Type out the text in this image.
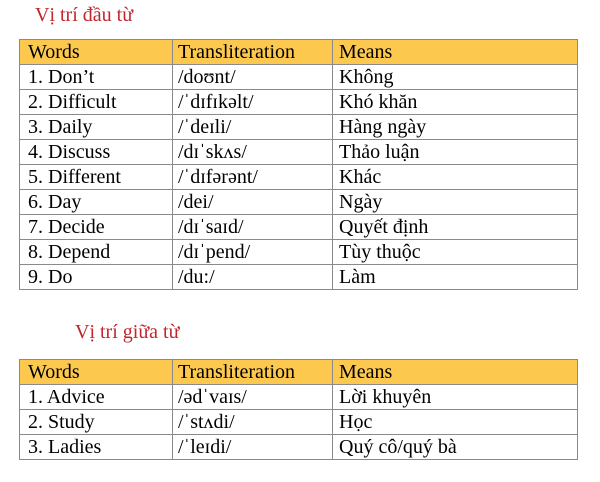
Vị trí đầu từ
Words	Transliteration	Means
1. Don’t	/doʊnt/	Không
2. Difficult	/ˈdɪfɪkəlt/	Khó khăn
3. Daily	/ˈdeɪli/	Hàng ngày
4. Discuss	/dɪˈskʌs/	Thảo luận
5. Different	/ˈdɪfərənt/	Khác
6. Day	/dei/	Ngày
7. Decide	/dɪˈsaɪd/	Quyết định
8. Depend	/dɪˈpend/	Tùy thuộc
9. Do	/du:/	Làm
Vị trí giữa từ
Words	Transliteration	Means
1. Advice	/ədˈvaɪs/	Lời khuyên
2. Study	/ˈstʌdi/	Học
3. Ladies	/ˈleɪdi/	Quý cô/quý bà
